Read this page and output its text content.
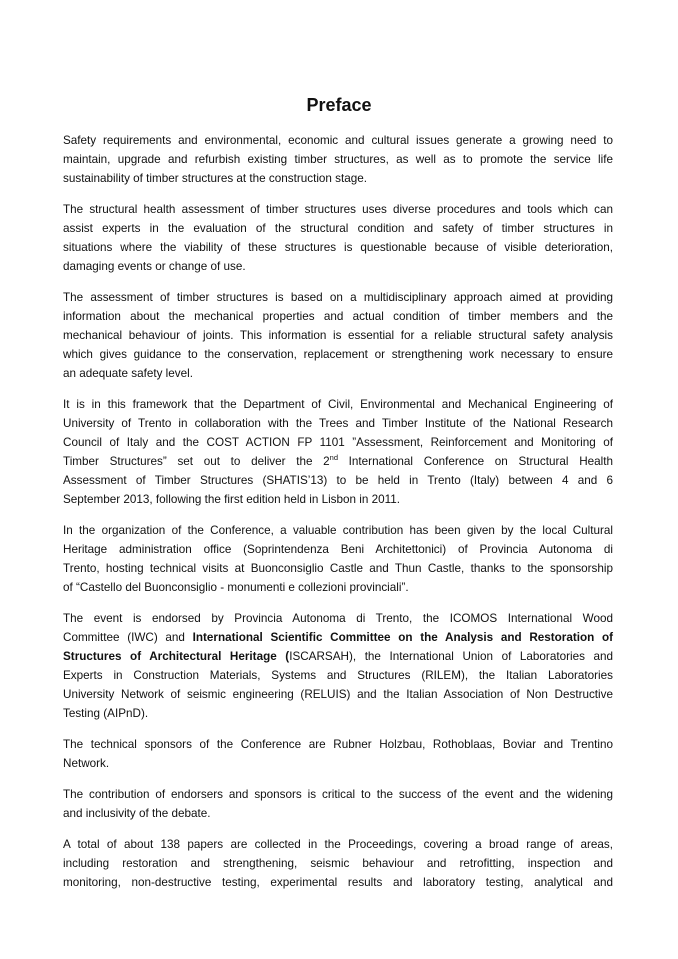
Preface
Safety requirements and environmental, economic and cultural issues generate a growing need to
maintain, upgrade and refurbish existing timber structures, as well as to promote the service life
sustainability of timber structures at the construction stage.
The structural health assessment of timber structures uses diverse procedures and tools which can
assist experts in the evaluation of the structural condition and safety of timber structures in
situations where the viability of these structures is questionable because of visible deterioration,
damaging events or change of use.
The assessment of timber structures is based on a multidisciplinary approach aimed at providing
information about the mechanical properties and actual condition of timber members and the
mechanical behaviour of joints. This information is essential for a reliable structural safety analysis
which gives guidance to the conservation, replacement or strengthening work necessary to ensure
an adequate safety level.
It is in this framework that the Department of Civil, Environmental and Mechanical Engineering of
University of Trento in collaboration with the Trees and Timber Institute of the National Research
Council of Italy and the COST ACTION FP 1101 ”Assessment, Reinforcement and Monitoring of
Timber Structures” set out to deliver the 2nd International Conference on Structural Health
Assessment of Timber Structures (SHATIS’13) to be held in Trento (Italy) between 4 and 6
September 2013, following the first edition held in Lisbon in 2011.
In the organization of the Conference, a valuable contribution has been given by the local Cultural
Heritage administration office (Soprintendenza Beni Architettonici) of Provincia Autonoma di
Trento, hosting technical visits at Buonconsiglio Castle and Thun Castle, thanks to the sponsorship
of “Castello del Buonconsiglio - monumenti e collezioni provinciali”.
The event is endorsed by Provincia Autonoma di Trento, the ICOMOS International Wood
Committee (IWC) and International Scientific Committee on the Analysis and Restoration of
Structures of Architectural Heritage (ISCARSAH), the International Union of Laboratories and
Experts in Construction Materials, Systems and Structures (RILEM), the Italian Laboratories
University Network of seismic engineering (RELUIS) and the Italian Association of Non Destructive
Testing (AIPnD).
The technical sponsors of the Conference are Rubner Holzbau, Rothoblaas, Boviar and Trentino
Network.
The contribution of endorsers and sponsors is critical to the success of the event and the widening
and inclusivity of the debate.
A total of about 138 papers are collected in the Proceedings, covering a broad range of areas,
including restoration and strengthening, seismic behaviour and retrofitting, inspection and
monitoring, non-destructive testing, experimental results and laboratory testing, analytical and
